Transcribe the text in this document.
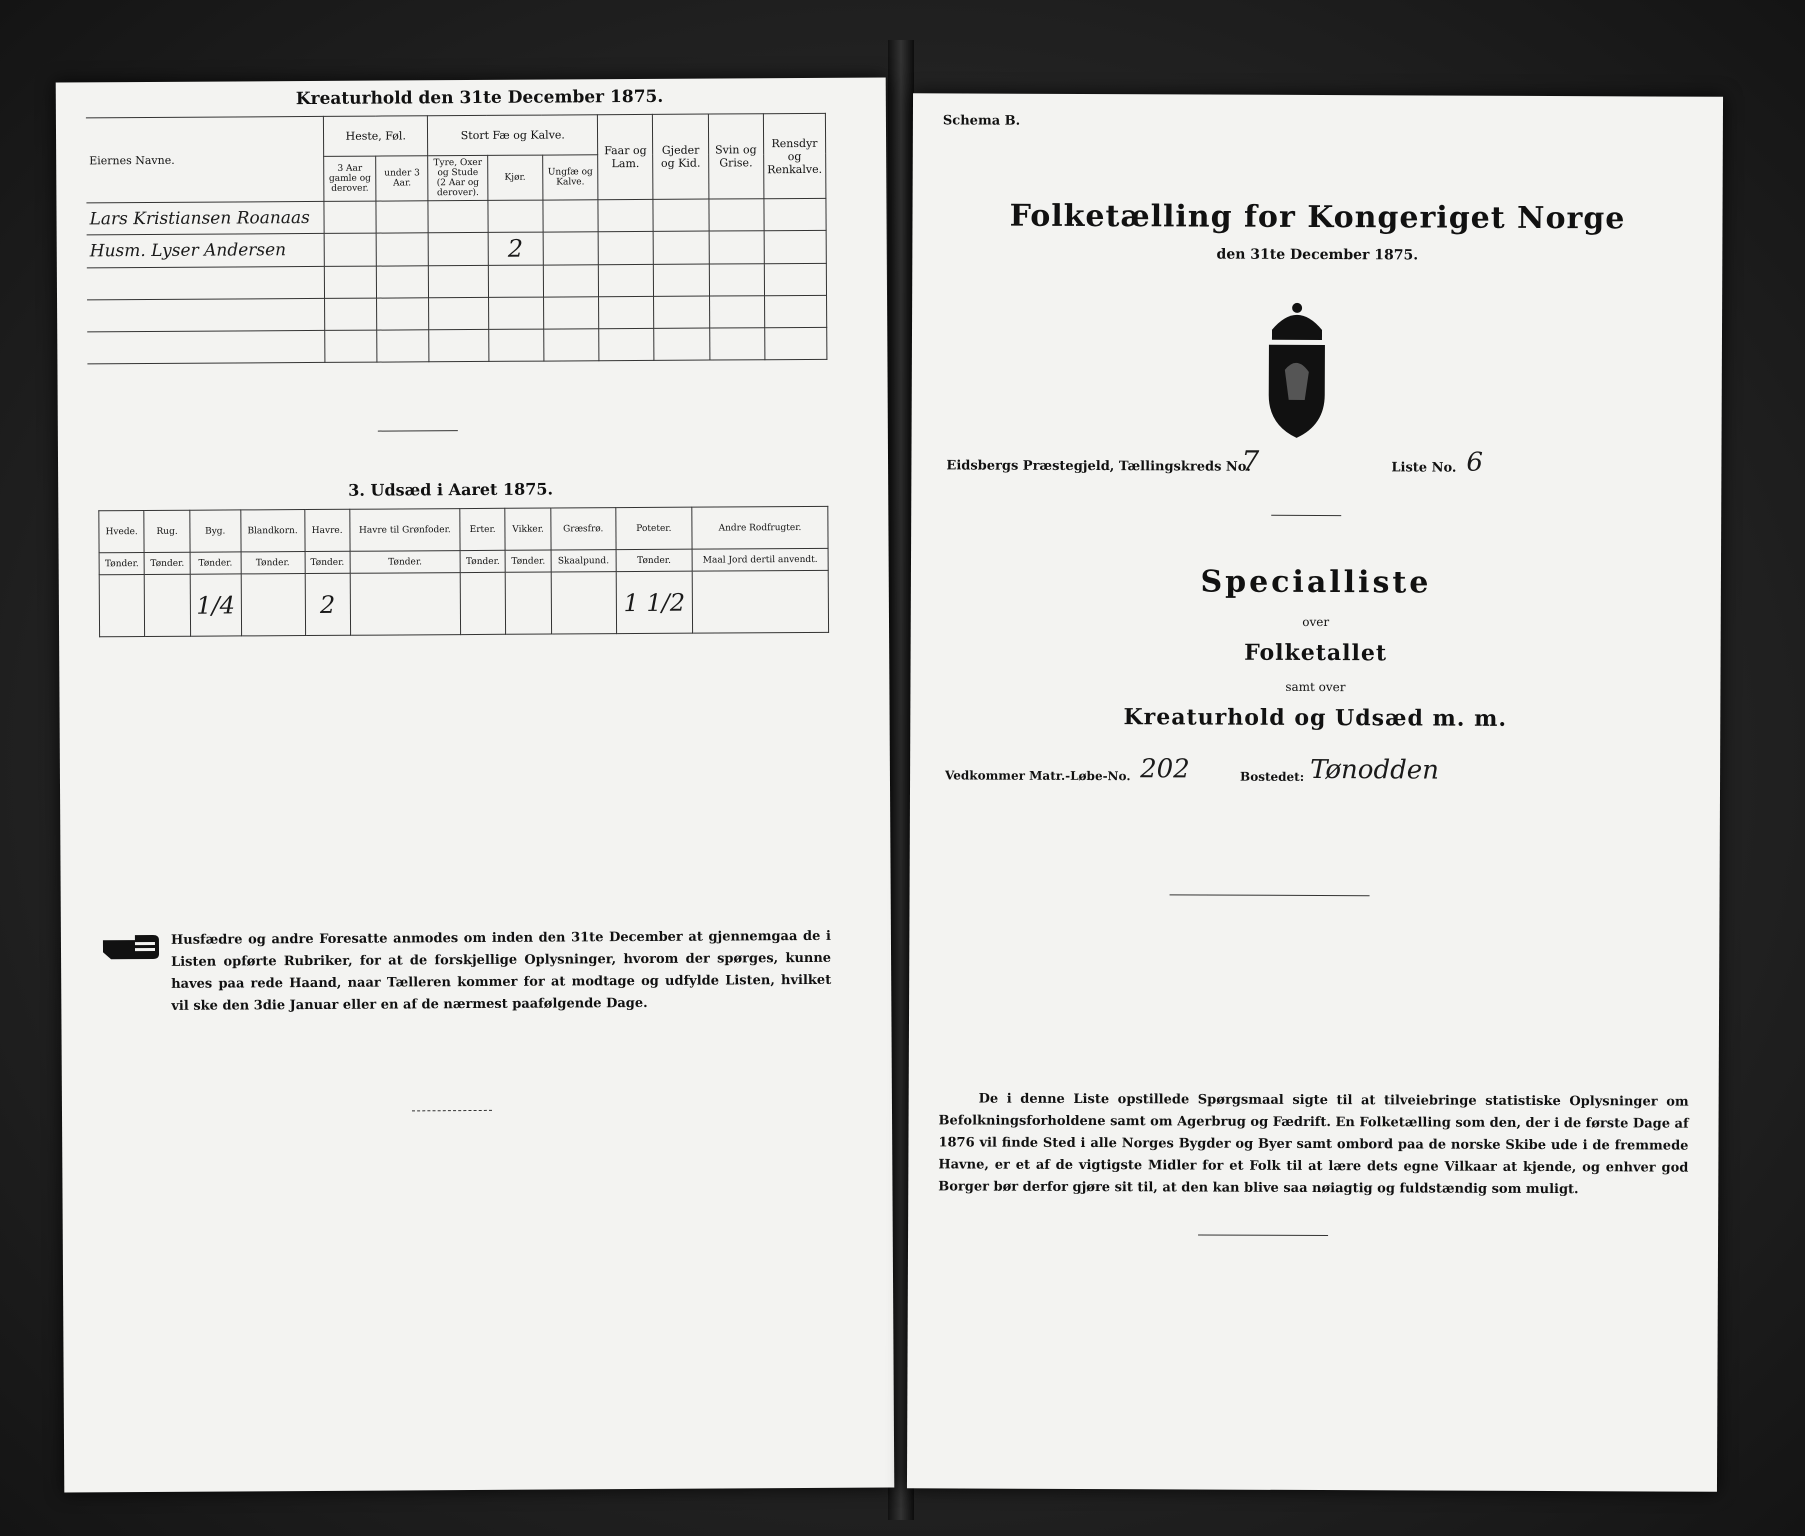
Kreaturhold den 31te December 1875.
Eiernes Navne.	Heste, Føl.		Stort Fæ og Kalve.			Faar og Lam.	Gjeder og Kid.	Svin og Grise.	Rensdyr og Renkalve.
	3 Aar gamle og derover.	under 3 Aar.	Tyre, Oxer og Stude (2 Aar og derover).	Kjør.	Ungfæ og Kalve.				
Lars Kristiansen Roanaas									
Husm. Lyser Andersen				2					

3. Udsæd i Aaret 1875.
Hvede.	Rug.	Byg.	Blandkorn.	Havre.	Havre til Grønfoder.	Erter.	Vikker.	Græsfrø.	Poteter.	Andre Rodfrugter.
Tønder.	Tønder.	Tønder.	Tønder.	Tønder.	Tønder.	Tønder.	Tønder.	Skaalpund.	Tønder.	Maal Jord dertil anvendt.
		1/4		2					1 1/2	
Husfædre og andre Foresatte anmodes om inden den 31te December at gjennemgaa de i Listen opførte Rubriker, for at de forskjellige Oplysninger, hvorom der spørges, kunne haves paa rede Haand, naar Tælleren kommer for at modtage og udfylde Listen, hvilket vil ske den 3die Januar eller en af de nærmest paafølgende Dage.
Schema B.
Folketælling for Kongeriget Norge
den 31te December 1875.
Eidsbergs Præstegjeld, Tællingskreds No.
7	Liste No. 6
Specialliste
over
Folketallet
samt over
Kreaturhold og Udsæd m. m.
Vedkommer Matr.-Løbe-No. 202	Bostedet: Tønodden
De i denne Liste opstillede Spørgsmaal sigte til at tilveiebringe statistiske Oplysninger om Befolkningsforholdene samt om Agerbrug og Fædrift. En Folketælling som den, der i de første Dage af 1876 vil finde Sted i alle Norges Bygder og Byer samt ombord paa de norske Skibe ude i de fremmede Havne, er et af de vigtigste Midler for et Folk til at lære dets egne Vilkaar at kjende, og enhver god Borger bør derfor gjøre sit til, at den kan blive saa nøiagtig og fuldstændig som muligt.
